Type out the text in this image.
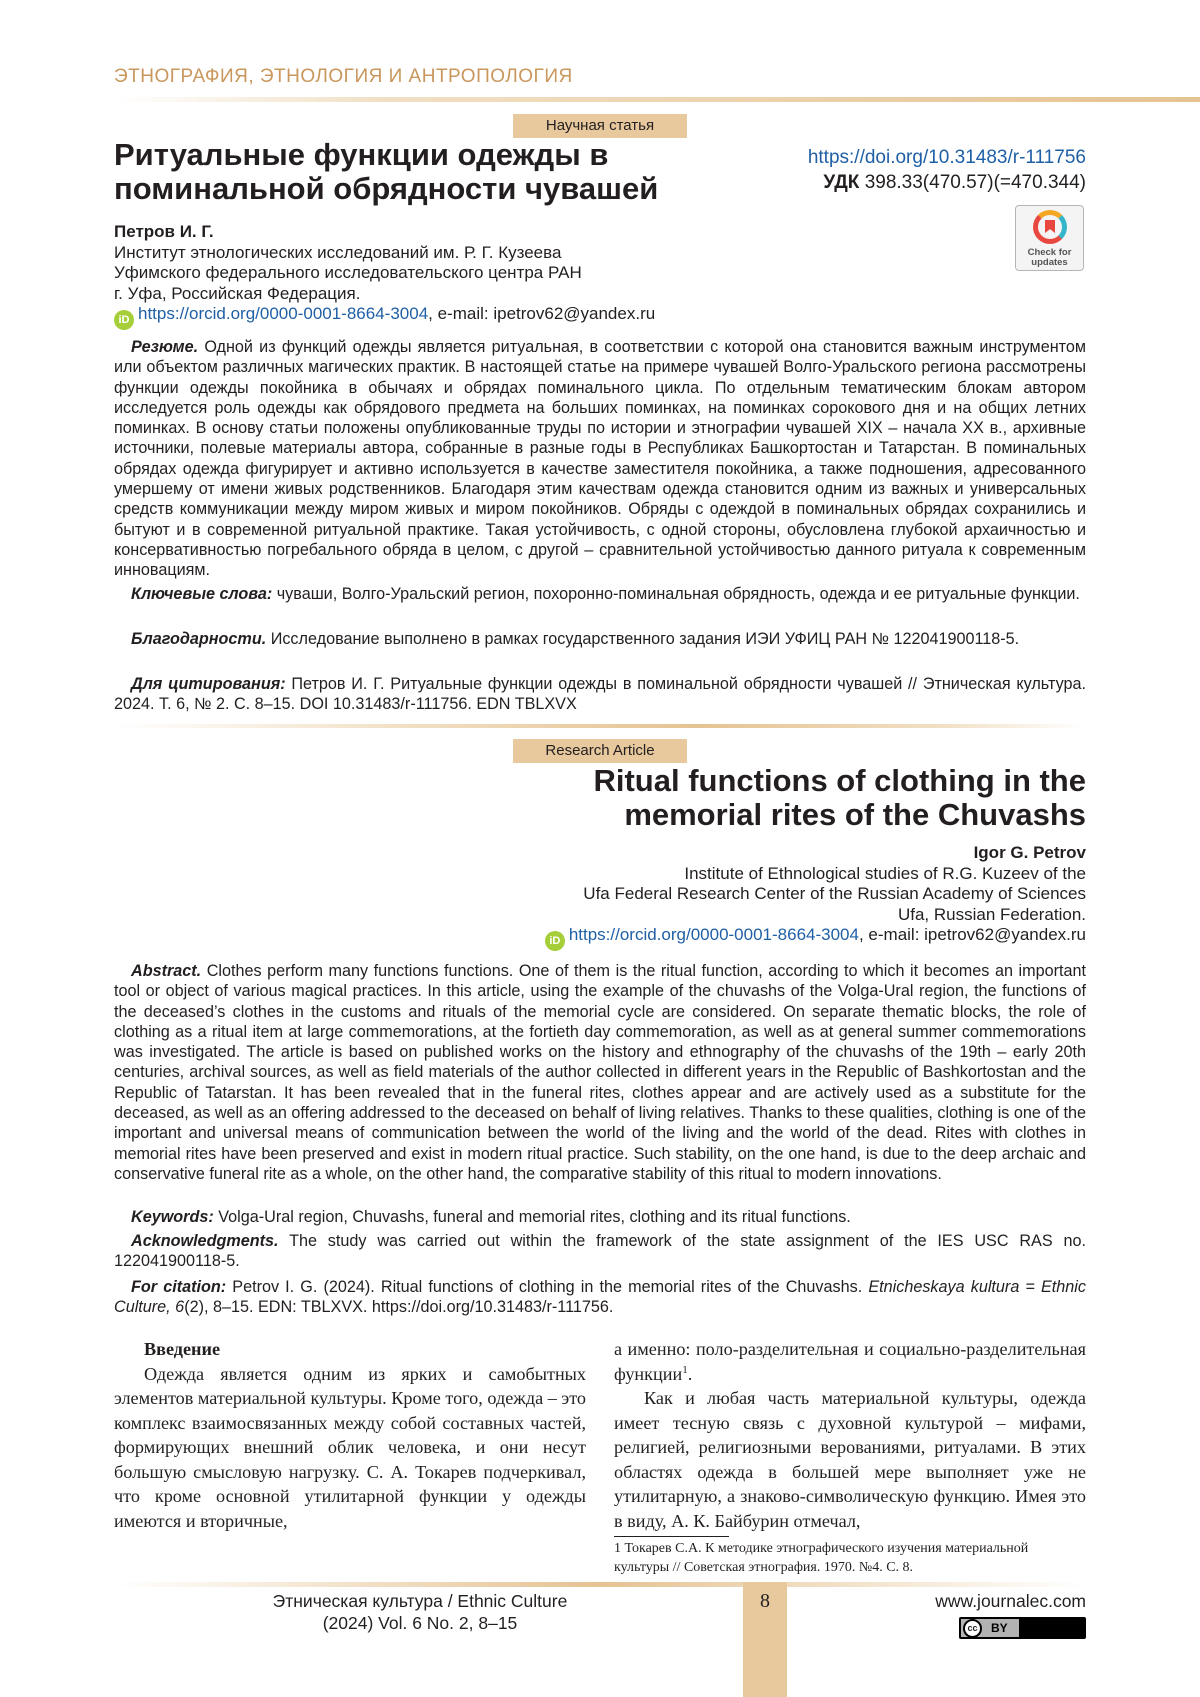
ЭТНОГРАФИЯ, ЭТНОЛОГИЯ И АНТРОПОЛОГИЯ
Научная статья
Ритуальные функции одежды в
поминальной обрядности чувашей
https://doi.org/10.31483/r-111756
УДК 398.33(470.57)(=470.344)
Check for updates
Петров И. Г.
Институт этнологических исследований им. Р. Г. Кузеева
Уфимского федерального исследовательского центра РАН
г. Уфа, Российская Федерация.
iD https://orcid.org/0000-0001-8664-3004, e-mail: ipetrov62@yandex.ru
Резюме. Одной из функций одежды является ритуальная, в соответствии с которой она становится важным инструментом или объектом различных магических практик. В настоящей статье на примере чувашей Волго-Уральского региона рассмотрены функции одежды покойника в обычаях и обрядах поминального цикла. По отдельным тематическим блокам автором исследуется роль одежды как обрядового предмета на больших поминках, на поминках сорокового дня и на общих летних поминках. В основу статьи положены опубликованные труды по истории и этнографии чувашей XIX – начала XX в., архивные источники, полевые материалы автора, собранные в разные годы в Республиках Башкортостан и Татарстан. В поминальных обрядах одежда фигурирует и активно используется в качестве заместителя покойника, а также подношения, адресованного умершему от имени живых родственников. Благодаря этим качествам одежда становится одним из важных и универсальных средств коммуникации между миром живых и миром покойников. Обряды с одеждой в поминальных обрядах сохранились и бытуют и в современной ритуальной практике. Такая устойчивость, с одной стороны, обусловлена глубокой архаичностью и консервативностью погребального обряда в целом, с другой – сравнительной устойчивостью данного ритуала к современным инновациям.
Ключевые слова: чуваши, Волго-Уральский регион, похоронно-поминальная обрядность, одежда и ее ритуальные функции.
Благодарности. Исследование выполнено в рамках государственного задания ИЭИ УФИЦ РАН № 122041900118-5.
Для цитирования: Петров И. Г. Ритуальные функции одежды в поминальной обрядности чувашей // Этническая культура. 2024. Т. 6, № 2. С. 8–15. DOI 10.31483/r-111756. EDN TBLXVX
Research Article
Ritual functions of clothing in the
memorial rites of the Chuvashs
Igor G. Petrov
Institute of Ethnological studies of R.G. Kuzeev of the
Ufa Federal Research Center of the Russian Academy of Sciences
Ufa, Russian Federation.
iD https://orcid.org/0000-0001-8664-3004, e-mail: ipetrov62@yandex.ru
Abstract. Clothes perform many functions functions. One of them is the ritual function, according to which it becomes an important tool or object of various magical practices. In this article, using the example of the chuvashs of the Volga-Ural region, the functions of the deceased’s clothes in the customs and rituals of the memorial cycle are considered. On separate thematic blocks, the role of clothing as a ritual item at large commemorations, at the fortieth day commemoration, as well as at general summer commemorations was investigated. The article is based on published works on the history and ethnography of the chuvashs of the 19th – early 20th centuries, archival sources, as well as field materials of the author collected in different years in the Republic of Bashkortostan and the Republic of Tatarstan. It has been revealed that in the funeral rites, clothes appear and are actively used as a substitute for the deceased, as well as an offering addressed to the deceased on behalf of living relatives. Thanks to these qualities, clothing is one of the important and universal means of communication between the world of the living and the world of the dead. Rites with clothes in memorial rites have been preserved and exist in modern ritual practice. Such stability, on the one hand, is due to the deep archaic and conservative funeral rite as a whole, on the other hand, the comparative stability of this ritual to modern innovations.
Keywords: Volga-Ural region, Chuvashs, funeral and memorial rites, clothing and its ritual functions.
Acknowledgments. The study was carried out within the framework of the state assignment of the IES USC RAS no. 122041900118-5.
For citation: Petrov I. G. (2024). Ritual functions of clothing in the memorial rites of the Chuvashs. Etnicheskaya kultura = Ethnic Culture, 6(2), 8–15. EDN: TBLXVX. https://doi.org/10.31483/r-111756.
Введение

Одежда является одним из ярких и самобытных элементов материальной культуры. Кроме того, одежда – это комплекс взаимосвязанных между собой составных частей, формирующих внешний облик человека, и они несут большую смысловую нагрузку. С. А. Токарев подчеркивал, что кроме основной утилитарной функции у одежды имеются и вторичные,

а именно: поло-разделительная и социально-разделительная функции$^1$.

Как и любая часть материальной культуры, одежда имеет тесную связь с духовной культурой – мифами, религией, религиозными верованиями, ритуалами. В этих областях одежда в большей мере выполняет уже не утилитарную, а знаково-символическую функцию. Имея это в виду, А. К. Байбурин отмечал,

1 Токарев С.А. К методике этнографического изучения материальной культуры // Советская этнография. 1970. №4. С. 8.
8
Этническая культура / Ethnic Culture
(2024) Vol. 6 No. 2, 8–15
www.journalec.com
cc	BY
